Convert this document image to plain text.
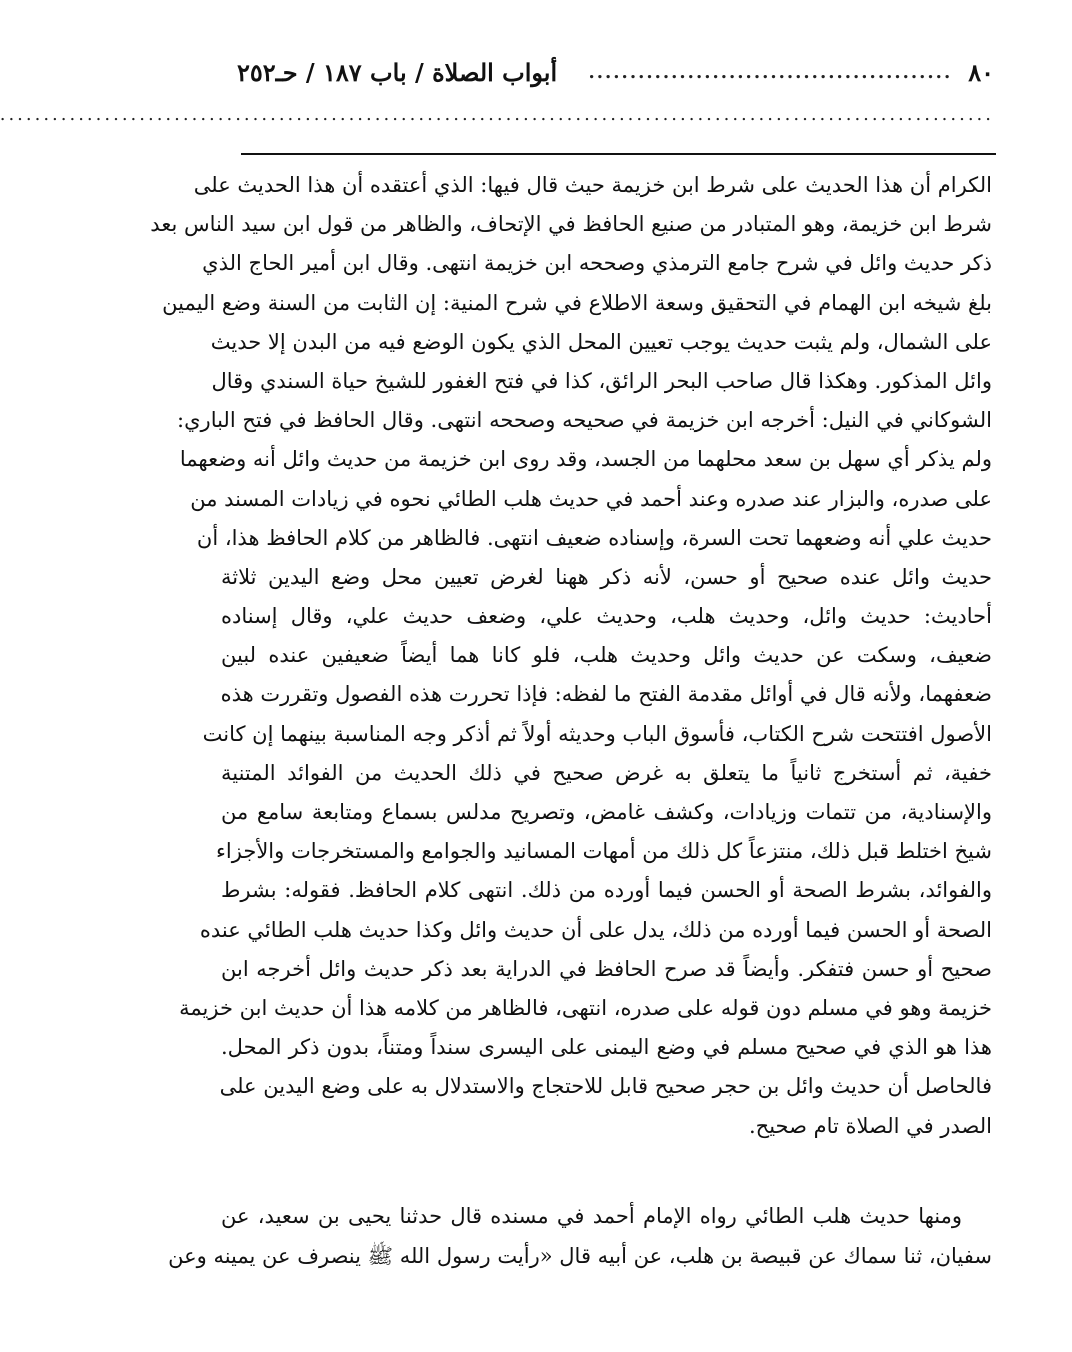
٨٠
............................................
أبواب الصلاة / باب ١٨٧ / حـ٢٥٢
..................................................................................................................
الكرام أن هذا الحديث على شرط ابن خزيمة حيث قال فيها: الذي أعتقده أن هذا الحديث على
شرط ابن خزيمة، وهو المتبادر من صنيع الحافظ في الإتحاف، والظاهر من قول ابن سيد الناس بعد
ذكر حديث وائل في شرح جامع الترمذي وصححه ابن خزيمة انتهى. وقال ابن أمير الحاج الذي
بلغ شيخه ابن الهمام في التحقيق وسعة الاطلاع في شرح المنية: إن الثابت من السنة وضع اليمين
على الشمال، ولم يثبت حديث يوجب تعيين المحل الذي يكون الوضع فيه من البدن إلا حديث
وائل المذكور. وهكذا قال صاحب البحر الرائق، كذا في فتح الغفور للشيخ حياة السندي وقال
الشوكاني في النيل: أخرجه ابن خزيمة في صحيحه وصححه انتهى. وقال الحافظ في فتح الباري:
ولم يذكر أي سهل بن سعد محلهما من الجسد، وقد روى ابن خزيمة من حديث وائل أنه وضعهما
على صدره، والبزار عند صدره وعند أحمد في حديث هلب الطائي نحوه في زيادات المسند من
حديث علي أنه وضعهما تحت السرة، وإسناده ضعيف انتهى. فالظاهر من كلام الحافظ هذا، أن
حديث وائل عنده صحيح أو حسن، لأنه ذكر ههنا لغرض تعيين محل وضع اليدين ثلاثة
أحاديث: حديث وائل، وحديث هلب، وحديث علي، وضعف حديث علي، وقال إسناده
ضعيف، وسكت عن حديث وائل وحديث هلب، فلو كانا هما أيضاً ضعيفين عنده لبين
ضعفهما، ولأنه قال في أوائل مقدمة الفتح ما لفظه: فإذا تحررت هذه الفصول وتقررت هذه
الأصول افتتحت شرح الكتاب، فأسوق الباب وحديثه أولاً ثم أذكر وجه المناسبة بينهما إن كانت
خفية، ثم أستخرج ثانياً ما يتعلق به غرض صحيح في ذلك الحديث من الفوائد المتنية
والإسنادية، من تتمات وزيادات، وكشف غامض، وتصريح مدلس بسماع ومتابعة سامع من
شيخ اختلط قبل ذلك، منتزعاً كل ذلك من أمهات المسانيد والجوامع والمستخرجات والأجزاء
والفوائد، بشرط الصحة أو الحسن فيما أورده من ذلك. انتهى كلام الحافظ. فقوله: بشرط
الصحة أو الحسن فيما أورده من ذلك، يدل على أن حديث وائل وكذا حديث هلب الطائي عنده
صحيح أو حسن فتفكر. وأيضاً قد صرح الحافظ في الدراية بعد ذكر حديث وائل أخرجه ابن
خزيمة وهو في مسلم دون قوله على صدره، انتهى، فالظاهر من كلامه هذا أن حديث ابن خزيمة
هذا هو الذي في صحيح مسلم في وضع اليمنى على اليسرى سنداً ومتناً، بدون ذكر المحل.
فالحاصل أن حديث وائل بن حجر صحيح قابل للاحتجاج والاستدلال به على وضع اليدين على
الصدر في الصلاة تام صحيح.
ومنها حديث هلب الطائي رواه الإمام أحمد في مسنده قال حدثنا يحيى بن سعيد، عن
سفيان، ثنا سماك عن قبيصة بن هلب، عن أبيه قال «رأيت رسول الله ﷺ ينصرف عن يمينه وعن
